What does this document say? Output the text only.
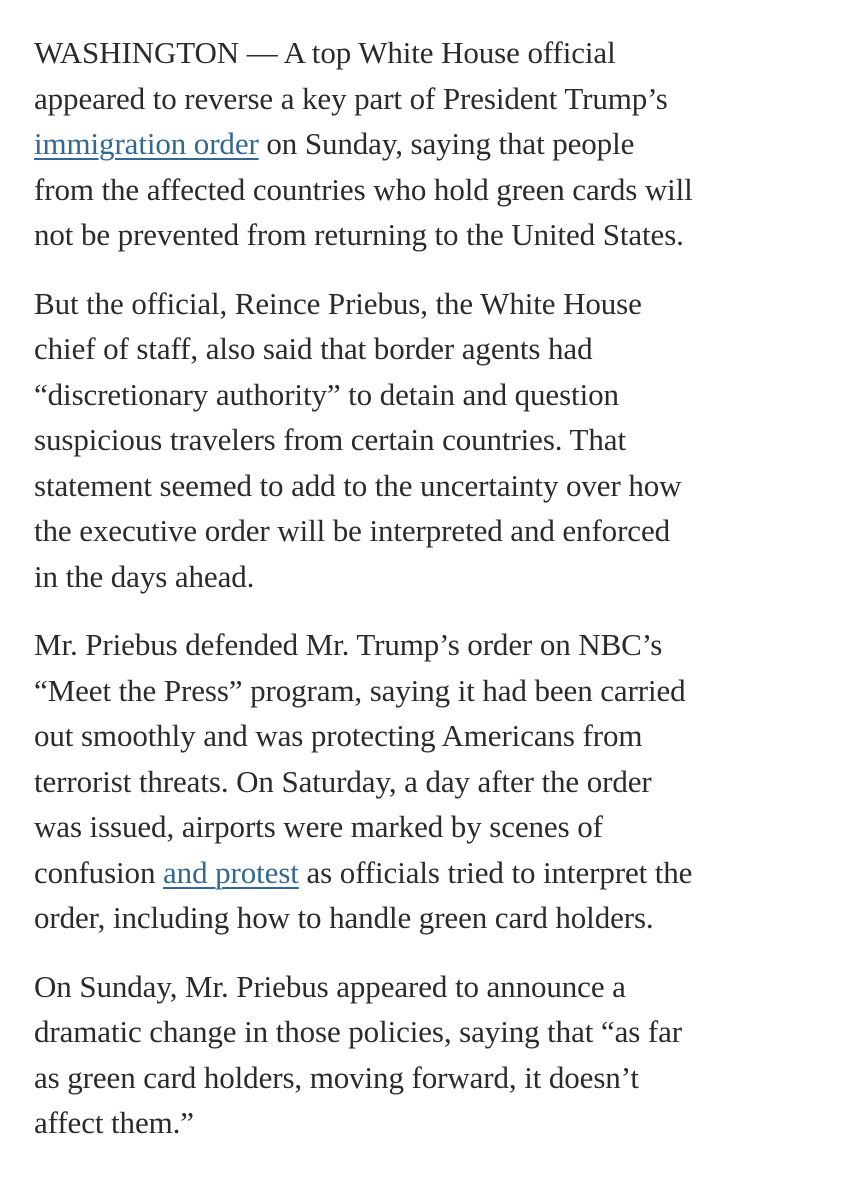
WASHINGTON — A top White House official
appeared to reverse a key part of President Trump’s
immigration order on Sunday, saying that people
from the affected countries who hold green cards will
not be prevented from returning to the United States.

But the official, Reince Priebus, the White House
chief of staff, also said that border agents had
“discretionary authority” to detain and question
suspicious travelers from certain countries. That
statement seemed to add to the uncertainty over how
the executive order will be interpreted and enforced
in the days ahead.

Mr. Priebus defended Mr. Trump’s order on NBC’s
“Meet the Press” program, saying it had been carried
out smoothly and was protecting Americans from
terrorist threats. On Saturday, a day after the order
was issued, airports were marked by scenes of
confusion and protest as officials tried to interpret the
order, including how to handle green card holders.

On Sunday, Mr. Priebus appeared to announce a
dramatic change in those policies, saying that “as far
as green card holders, moving forward, it doesn’t
affect them.”
